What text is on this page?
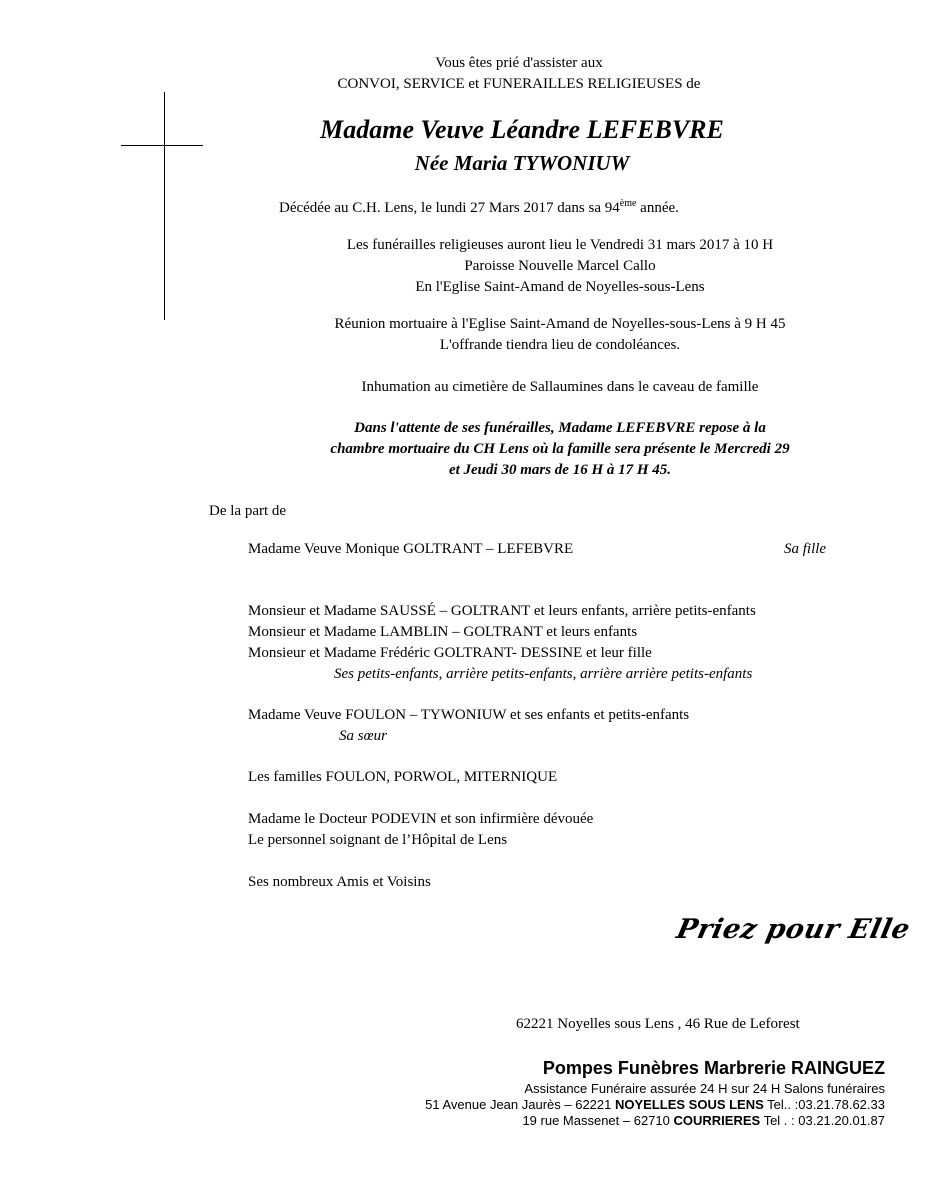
Vous êtes prié d'assister aux

CONVOI, SERVICE et FUNERAILLES RELIGIEUSES de

Madame Veuve Léandre LEFEBVRE

Née Maria TYWONIUW

Décédée au C.H. Lens, le lundi 27 Mars 2017 dans sa 94ème année.

Les funérailles religieuses auront lieu le Vendredi 31 mars 2017 à 10 H

Paroisse Nouvelle Marcel Callo

En l'Eglise Saint-Amand de Noyelles-sous-Lens

Réunion mortuaire à l'Eglise Saint-Amand de Noyelles-sous-Lens à 9 H 45

L'offrande tiendra lieu de condoléances.

Inhumation au cimetière de Sallaumines dans le caveau de famille

Dans l'attente de ses funérailles, Madame LEFEBVRE repose à la

chambre mortuaire du CH Lens où la famille sera présente le Mercredi 29

et Jeudi 30 mars de 16 H à 17 H 45.

De la part de

Madame Veuve Monique GOLTRANT – LEFEBVRE	Sa fille

Monsieur et Madame SAUSSÉ – GOLTRANT et leurs enfants, arrière petits-enfants

Monsieur et Madame LAMBLIN – GOLTRANT et leurs enfants

Monsieur et Madame Frédéric GOLTRANT- DESSINE et leur fille

Ses petits-enfants, arrière petits-enfants, arrière arrière petits-enfants

Madame Veuve FOULON – TYWONIUW et ses enfants et petits-enfants

Sa sœur

Les familles FOULON, PORWOL, MITERNIQUE

Madame le Docteur PODEVIN et son infirmière dévouée

Le personnel soignant de l’Hôpital de Lens

Ses nombreux Amis et Voisins

Priez pour Elle

62221 Noyelles sous Lens , 46 Rue de Leforest

Pompes Funèbres Marbrerie RAINGUEZ

Assistance Funéraire assurée 24 H sur 24 H Salons funéraires

51 Avenue Jean Jaurès – 62221 NOYELLES SOUS LENS Tel.. :03.21.78.62.33

19 rue Massenet – 62710 COURRIERES Tel . : 03.21.20.01.87
